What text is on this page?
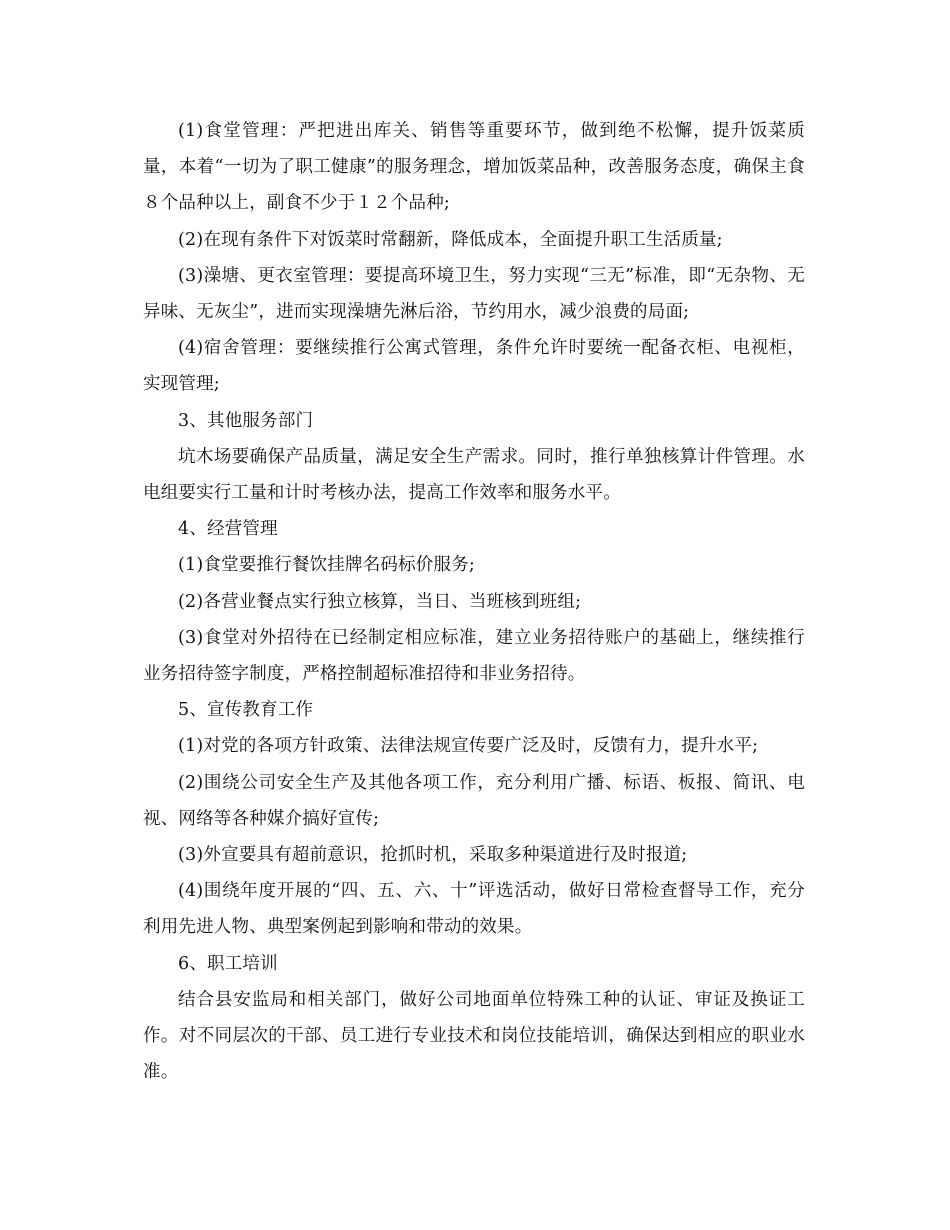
(1)食堂管理：严把进出库关、销售等重要环节，做到绝不松懈，提升饭菜质量，本着“一切为了职工健康”的服务理念，增加饭菜品种，改善服务态度，确保主食８个品种以上，副食不少于１２个品种;

(2)在现有条件下对饭菜时常翻新，降低成本，全面提升职工生活质量;

(3)澡塘、更衣室管理：要提高环境卫生，努力实现“三无”标准，即“无杂物、无异味、无灰尘”，进而实现澡塘先淋后浴，节约用水，减少浪费的局面;

(4)宿舍管理：要继续推行公寓式管理，条件允许时要统一配备衣柜、电视柜，实现管理;

3、其他服务部门

坑木场要确保产品质量，满足安全生产需求。同时，推行单独核算计件管理。水电组要实行工量和计时考核办法，提高工作效率和服务水平。

4、经营管理

(1)食堂要推行餐饮挂牌名码标价服务;

(2)各营业餐点实行独立核算，当日、当班核到班组;

(3)食堂对外招待在已经制定相应标准，建立业务招待账户的基础上，继续推行业务招待签字制度，严格控制超标准招待和非业务招待。

5、宣传教育工作

(1)对党的各项方针政策、法律法规宣传要广泛及时，反馈有力，提升水平;

(2)围绕公司安全生产及其他各项工作，充分利用广播、标语、板报、简讯、电视、网络等各种媒介搞好宣传;

(3)外宣要具有超前意识，抢抓时机，采取多种渠道进行及时报道;

(4)围绕年度开展的“四、五、六、十”评选活动，做好日常检查督导工作，充分利用先进人物、典型案例起到影响和带动的效果。

6、职工培训

结合县安监局和相关部门，做好公司地面单位特殊工种的认证、审证及换证工作。对不同层次的干部、员工进行专业技术和岗位技能培训，确保达到相应的职业水准。
